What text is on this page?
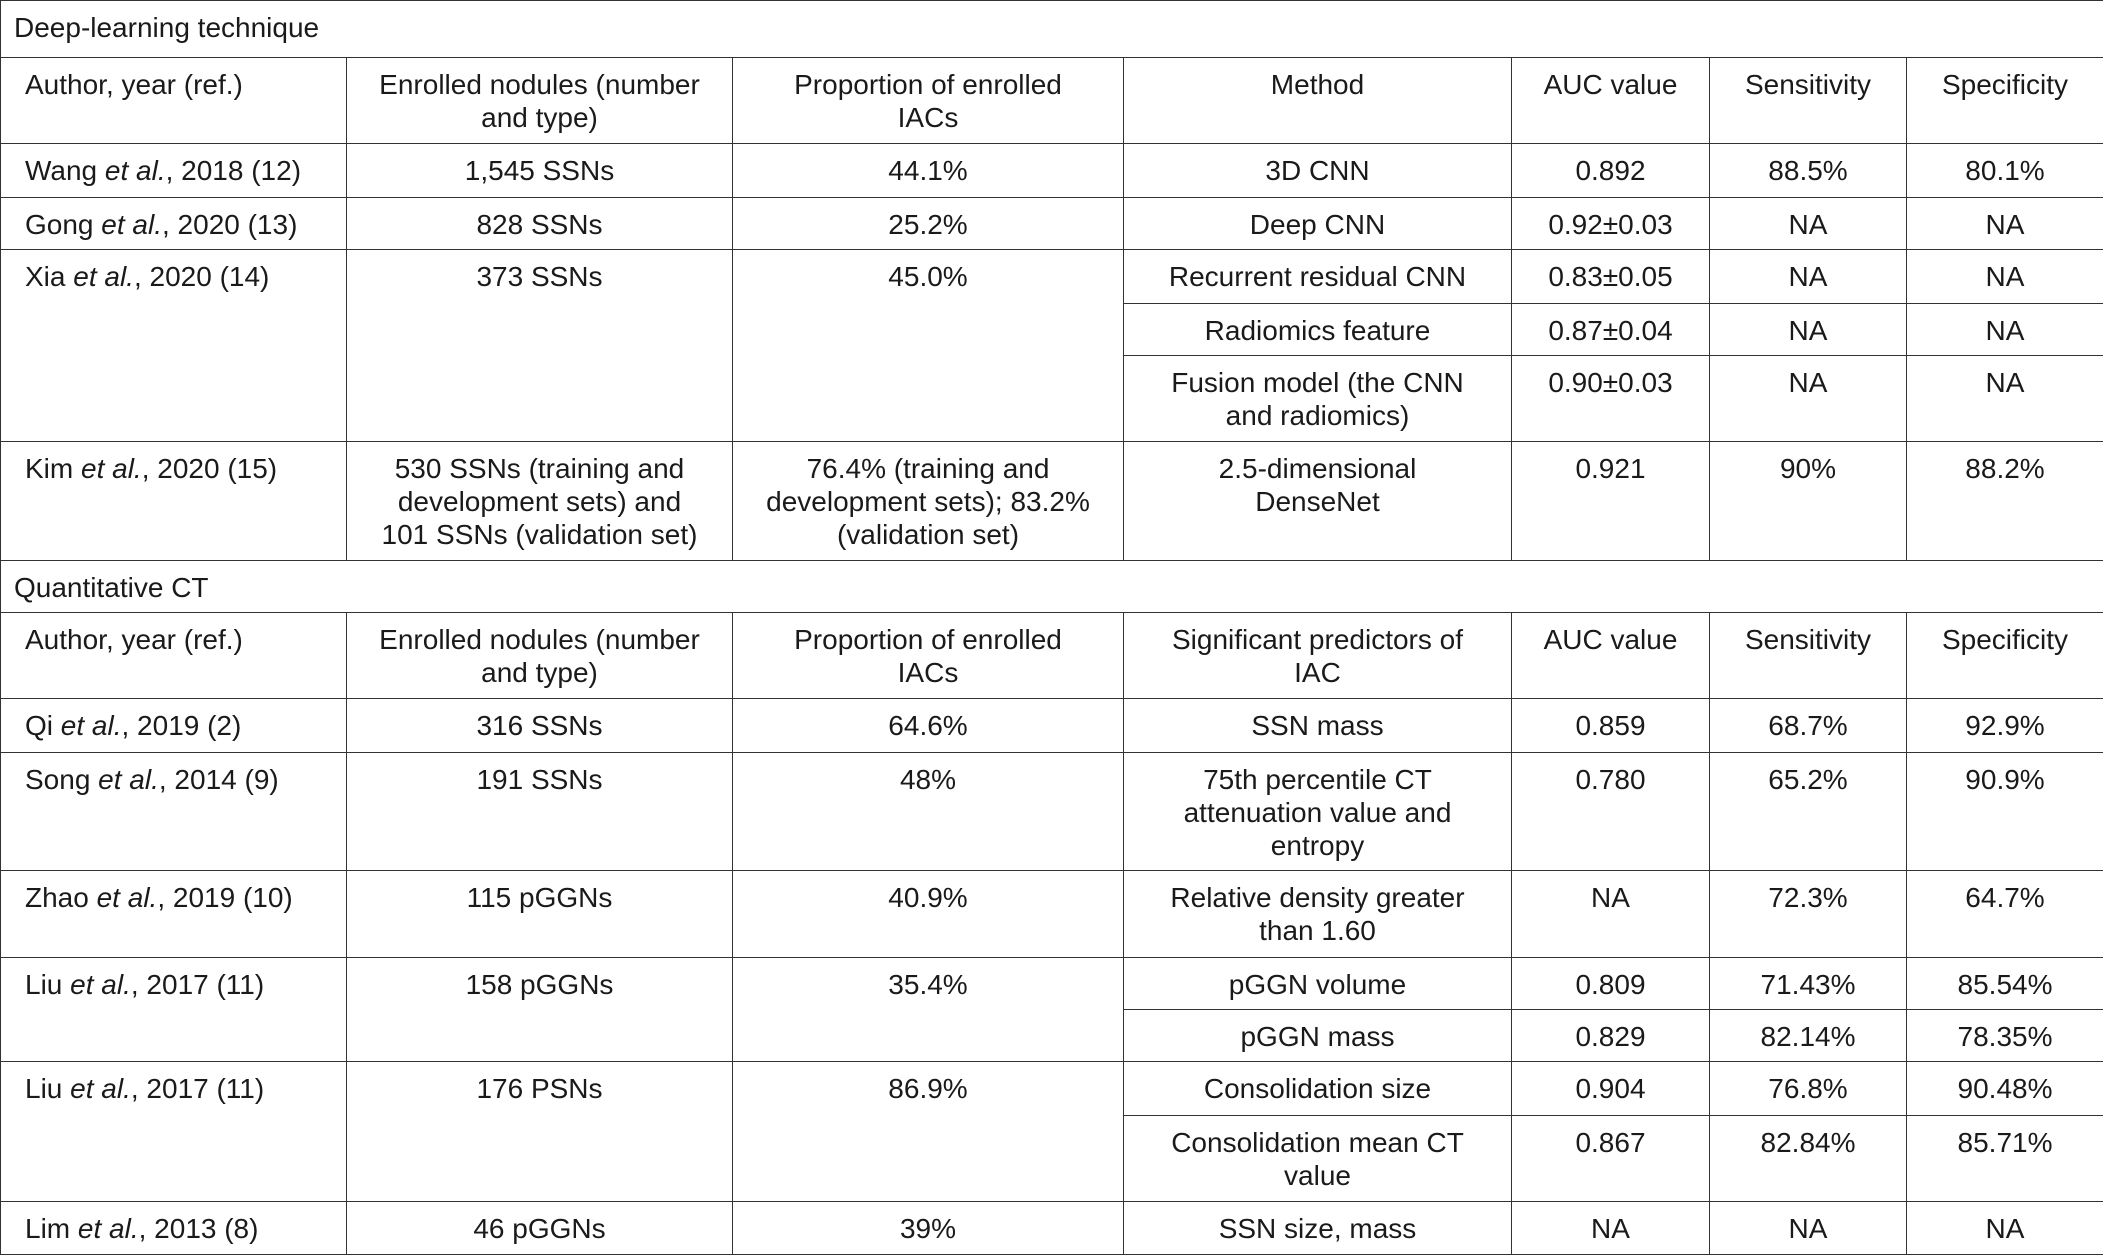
Deep-learning technique						
Author, year (ref.)	Enrolled nodules (number and type)	Proportion of enrolled IACs	Method	AUC value	Sensitivity	Specificity
Wang et al., 2018 (12)	1,545 SSNs	44.1%	3D CNN	0.892	88.5%	80.1%
Gong et al., 2020 (13)	828 SSNs	25.2%	Deep CNN	0.92±0.03	NA	NA
Xia et al., 2020 (14)	373 SSNs	45.0%	Recurrent residual CNN	0.83±0.05	NA	NA
			Radiomics feature	0.87±0.04	NA	NA
			Fusion model (the CNN and radiomics)	0.90±0.03	NA	NA
Kim et al., 2020 (15)	530 SSNs (training and development sets) and 101 SSNs (validation set)	76.4% (training and development sets); 83.2% (validation set)	2.5-dimensional DenseNet	0.921	90%	88.2%
Quantitative CT						
Author, year (ref.)	Enrolled nodules (number and type)	Proportion of enrolled IACs	Significant predictors of IAC	AUC value	Sensitivity	Specificity
Qi et al., 2019 (2)	316 SSNs	64.6%	SSN mass	0.859	68.7%	92.9%
Song et al., 2014 (9)	191 SSNs	48%	75th percentile CT attenuation value and entropy	0.780	65.2%	90.9%
Zhao et al., 2019 (10)	115 pGGNs	40.9%	Relative density greater than 1.60	NA	72.3%	64.7%
Liu et al., 2017 (11)	158 pGGNs	35.4%	pGGN volume	0.809	71.43%	85.54%
			pGGN mass	0.829	82.14%	78.35%
Liu et al., 2017 (11)	176 PSNs	86.9%	Consolidation size	0.904	76.8%	90.48%
			Consolidation mean CT value	0.867	82.84%	85.71%
Lim et al., 2013 (8)	46 pGGNs	39%	SSN size, mass	NA	NA	NA
